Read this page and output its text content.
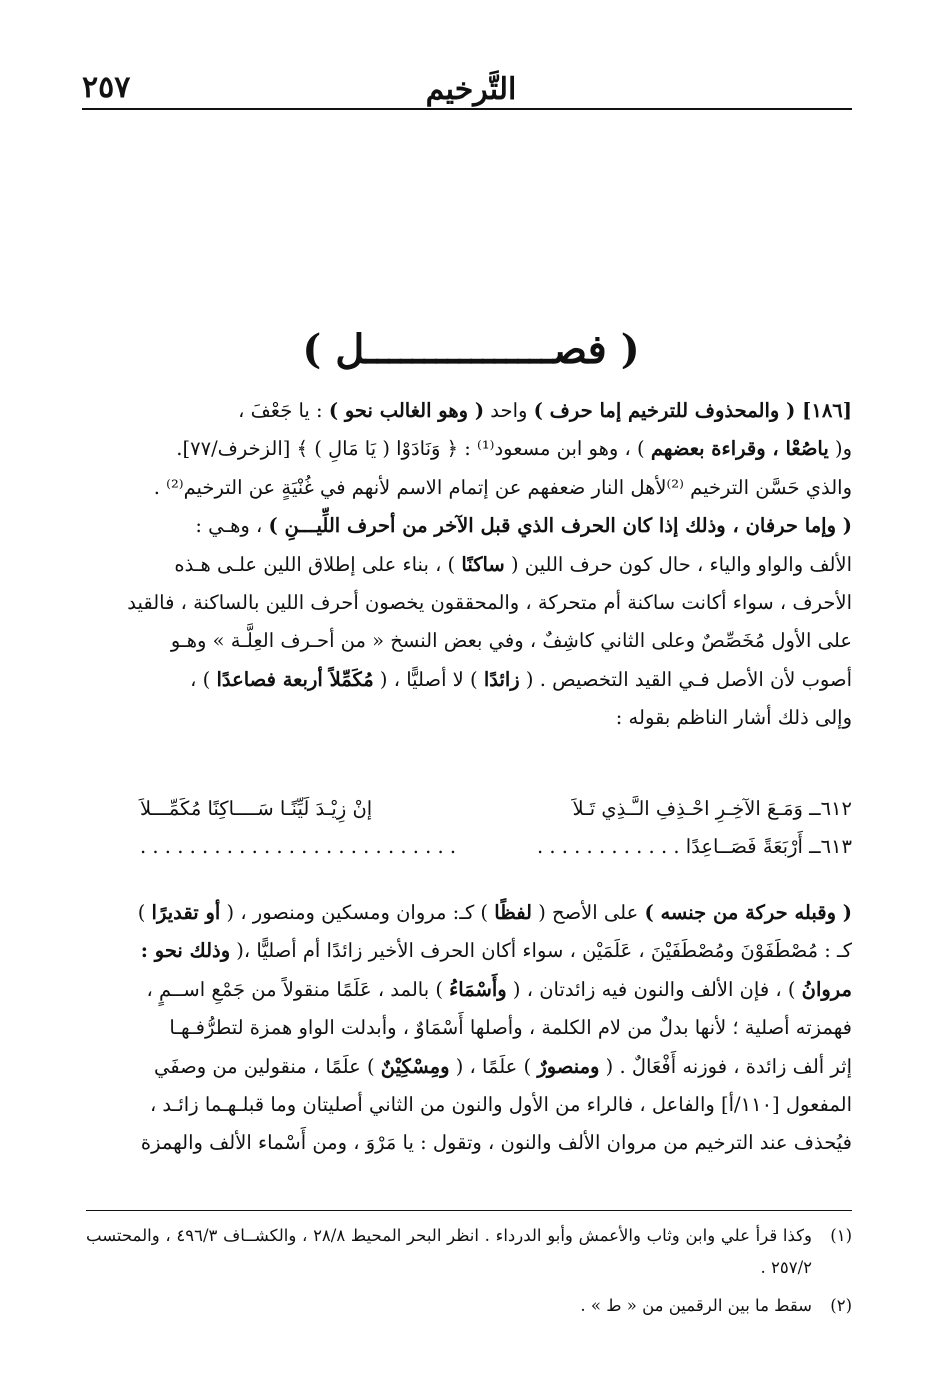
٢٥٧	التَّرخيم
( فصــــــــــــــــل )

[١٨٦] ( والمحذوف للترخيم إما حرف ) واحد ( وهو الغالب نحو ) : يا جَعْفَ ،

و( ياصُعْا ، وقراءة بعضهم ) ، وهو ابن مسعود⁽¹⁾ : ﴿ وَنَادَوْا ( يَا مَالِ ) ﴾ [الزخرف/٧٧].

والذي حَسَّن الترخيم ⁽²⁾لأهل النار ضعفهم عن إتمام الاسم لأنهم في غُنْيَةٍ عن الترخيم⁽²⁾ .

( وإما حرفان ، وذلك إذا كان الحرف الذي قبل الآخر من أحرف اللِّيـــنِ ) ، وهـي :

الألف والواو والياء ، حال كون حرف اللين ( ساكنًا ) ، بناء على إطلاق اللين علـى هـذه

الأحرف ، سواء أكانت ساكنة أم متحركة ، والمحققون يخصون أحرف اللين بالساكنة ، فالقيد

على الأول مُخَصِّصٌ وعلى الثاني كاشِفٌ ، وفي بعض النسخ « من أحـرف العِلَّـة » وهـو

أصوب لأن الأصل فـي القيد التخصيص . ( زائدًا ) لا أصليًّا ، ( مُكَمِّلاً أربعة فصاعدًا ) ،

وإلى ذلك أشار الناظم بقوله :

٦١٢ــ وَمَـعَ الآخِـرِ احْـذِفِ الـَّـذِي تَـلاَ
إنْ زِيْـدَ لَيِّنًـا سَــــاكِنًا مُكَمِّـــلاَ
٦١٣ــ أَرْبَعَةً فَصَــاعِدًا . . . . . . . . . . . .
. . . . . . . . . . . . . . . . . . . . . . . . . .

( وقبله حركة من جنسه ) على الأصح ( لفظًا ) كـ: مروان ومسكين ومنصور ، ( أو تقديرًا )

كـ : مُصْطَفَوْنَ ومُصْطَفَيْنَ ، عَلَمَيْن ، سواء أكان الحرف الأخير زائدًا أم أصليًّا ،( وذلك نحو :

مروانُ ) ، فإن الألف والنون فيه زائدتان ، ( وأَسْمَاءُ ) بالمد ، عَلَمًا منقولاً من جَمْعِ اســمٍ ،

فهمزته أصلية ؛ لأنها بدلٌ من لام الكلمة ، وأصلها أَسْمَاوٌ ، وأبدلت الواو همزة لتطرُّفـهـا

إثر ألف زائدة ، فوزنه أَفْعَالٌ . ( ومنصورٌ ) علَمًا ، ( ومِسْكِيْنٌ ) علَمًا ، منقولين من وصفَي

المفعول [١١٠/أ] والفاعل ، فالراء من الأول والنون من الثاني أصليتان وما قبلـهـما زائـد ،

فيُحذف عند الترخيم من مروان الألف والنون ، وتقول : يا مَرْوَ ، ومن أَسْماء الألف والهمزة

(١)
وكذا قرأ علي وابن وثاب والأعمش وأبو الدرداء . انظر البحر المحيط ٢٨/٨ ، والكشــاف ٤٩٦/٣ ، والمحتسب ٢٥٧/٢ .
(٢)
سقط ما بين الرقمين من « ط » .
